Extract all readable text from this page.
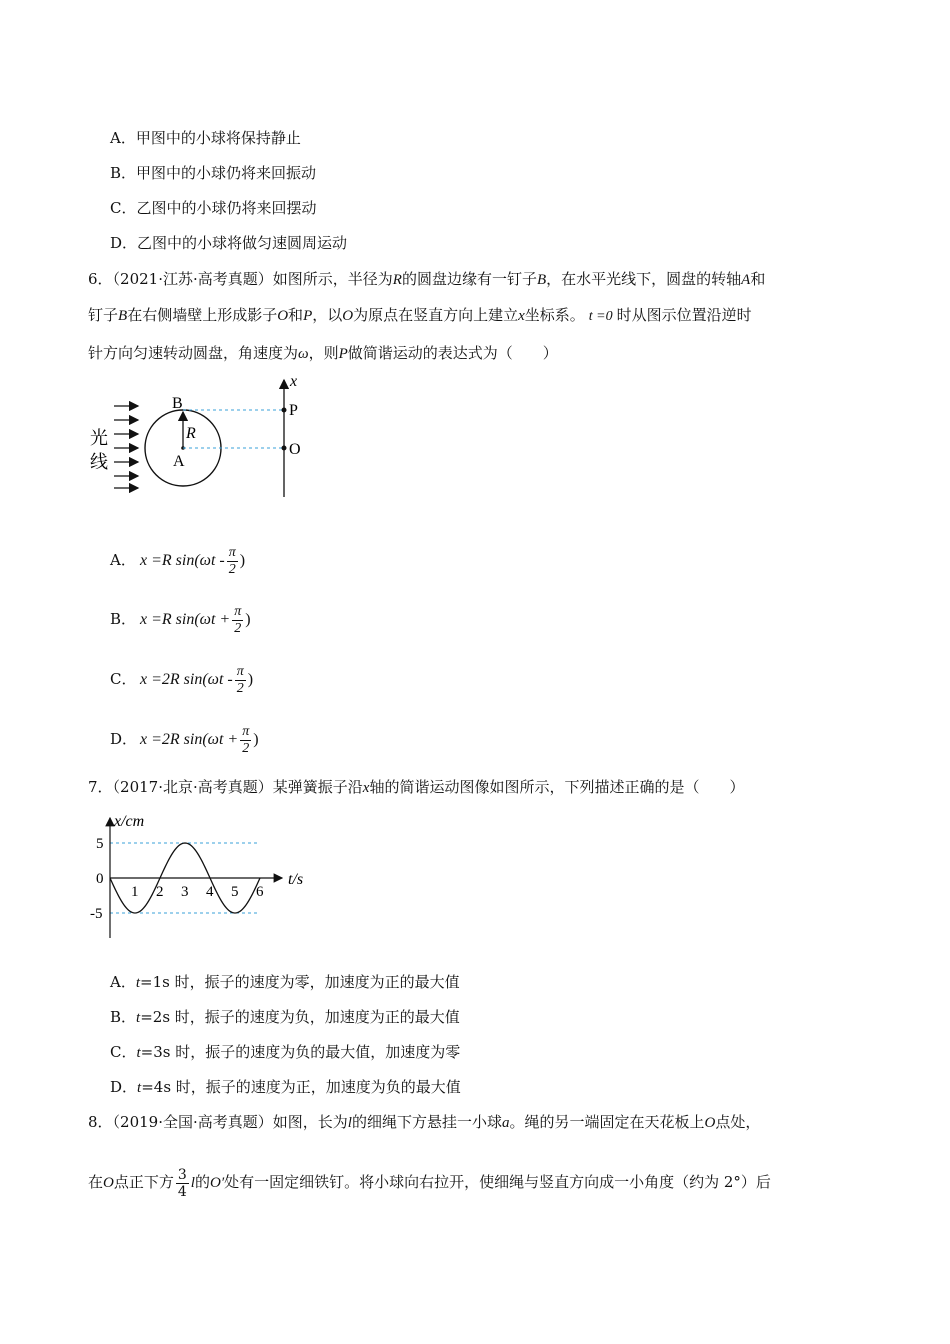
A．甲图中的小球将保持静止
B．甲图中的小球仍将来回振动
C．乙图中的小球仍将来回摆动
D．乙图中的小球将做匀速圆周运动
6．（2021·江苏·高考真题）如图所示，半径为R的圆盘边缘有一钉子B，在水平光线下，圆盘的转轴A和
钉子B在右侧墙壁上形成影子O和P，以O为原点在竖直方向上建立x坐标系。 t =0 时从图示位置沿逆时
针方向匀速转动圆盘，角速度为ω，则P做简谐运动的表达式为（　　）
光
线
B
A
R
x
P
O
A． x =R $\sin(\omega t - \frac{\pi}{2}$ )
B． x =R $\sin(\omega t + \frac{\pi}{2}$ )
C． x =2R $\sin(\omega t - \frac{\pi}{2}$ )
D． x =2R $\sin(\omega t + \frac{\pi}{2}$ )
7．（2017·北京·高考真题）某弹簧振子沿x轴的简谐运动图像如图所示，下列描述正确的是（　　）
x/cm
t/s
1 2 3 4 5 6
5
0
-5
A．t=1s 时，振子的速度为零，加速度为正的最大值
B．t=2s 时，振子的速度为负，加速度为正的最大值
C．t=3s 时，振子的速度为负的最大值，加速度为零
D．t=4s 时，振子的速度为正，加速度为负的最大值
8．（2019·全国·高考真题）如图，长为l的细绳下方悬挂一小球a。绳的另一端固定在天花板上O点处，
在O点正下方 $\frac{3}{4}$ l的O′处有一固定细铁钉。将小球向右拉开，使细绳与竖直方向成一小角度（约为 2°）后
